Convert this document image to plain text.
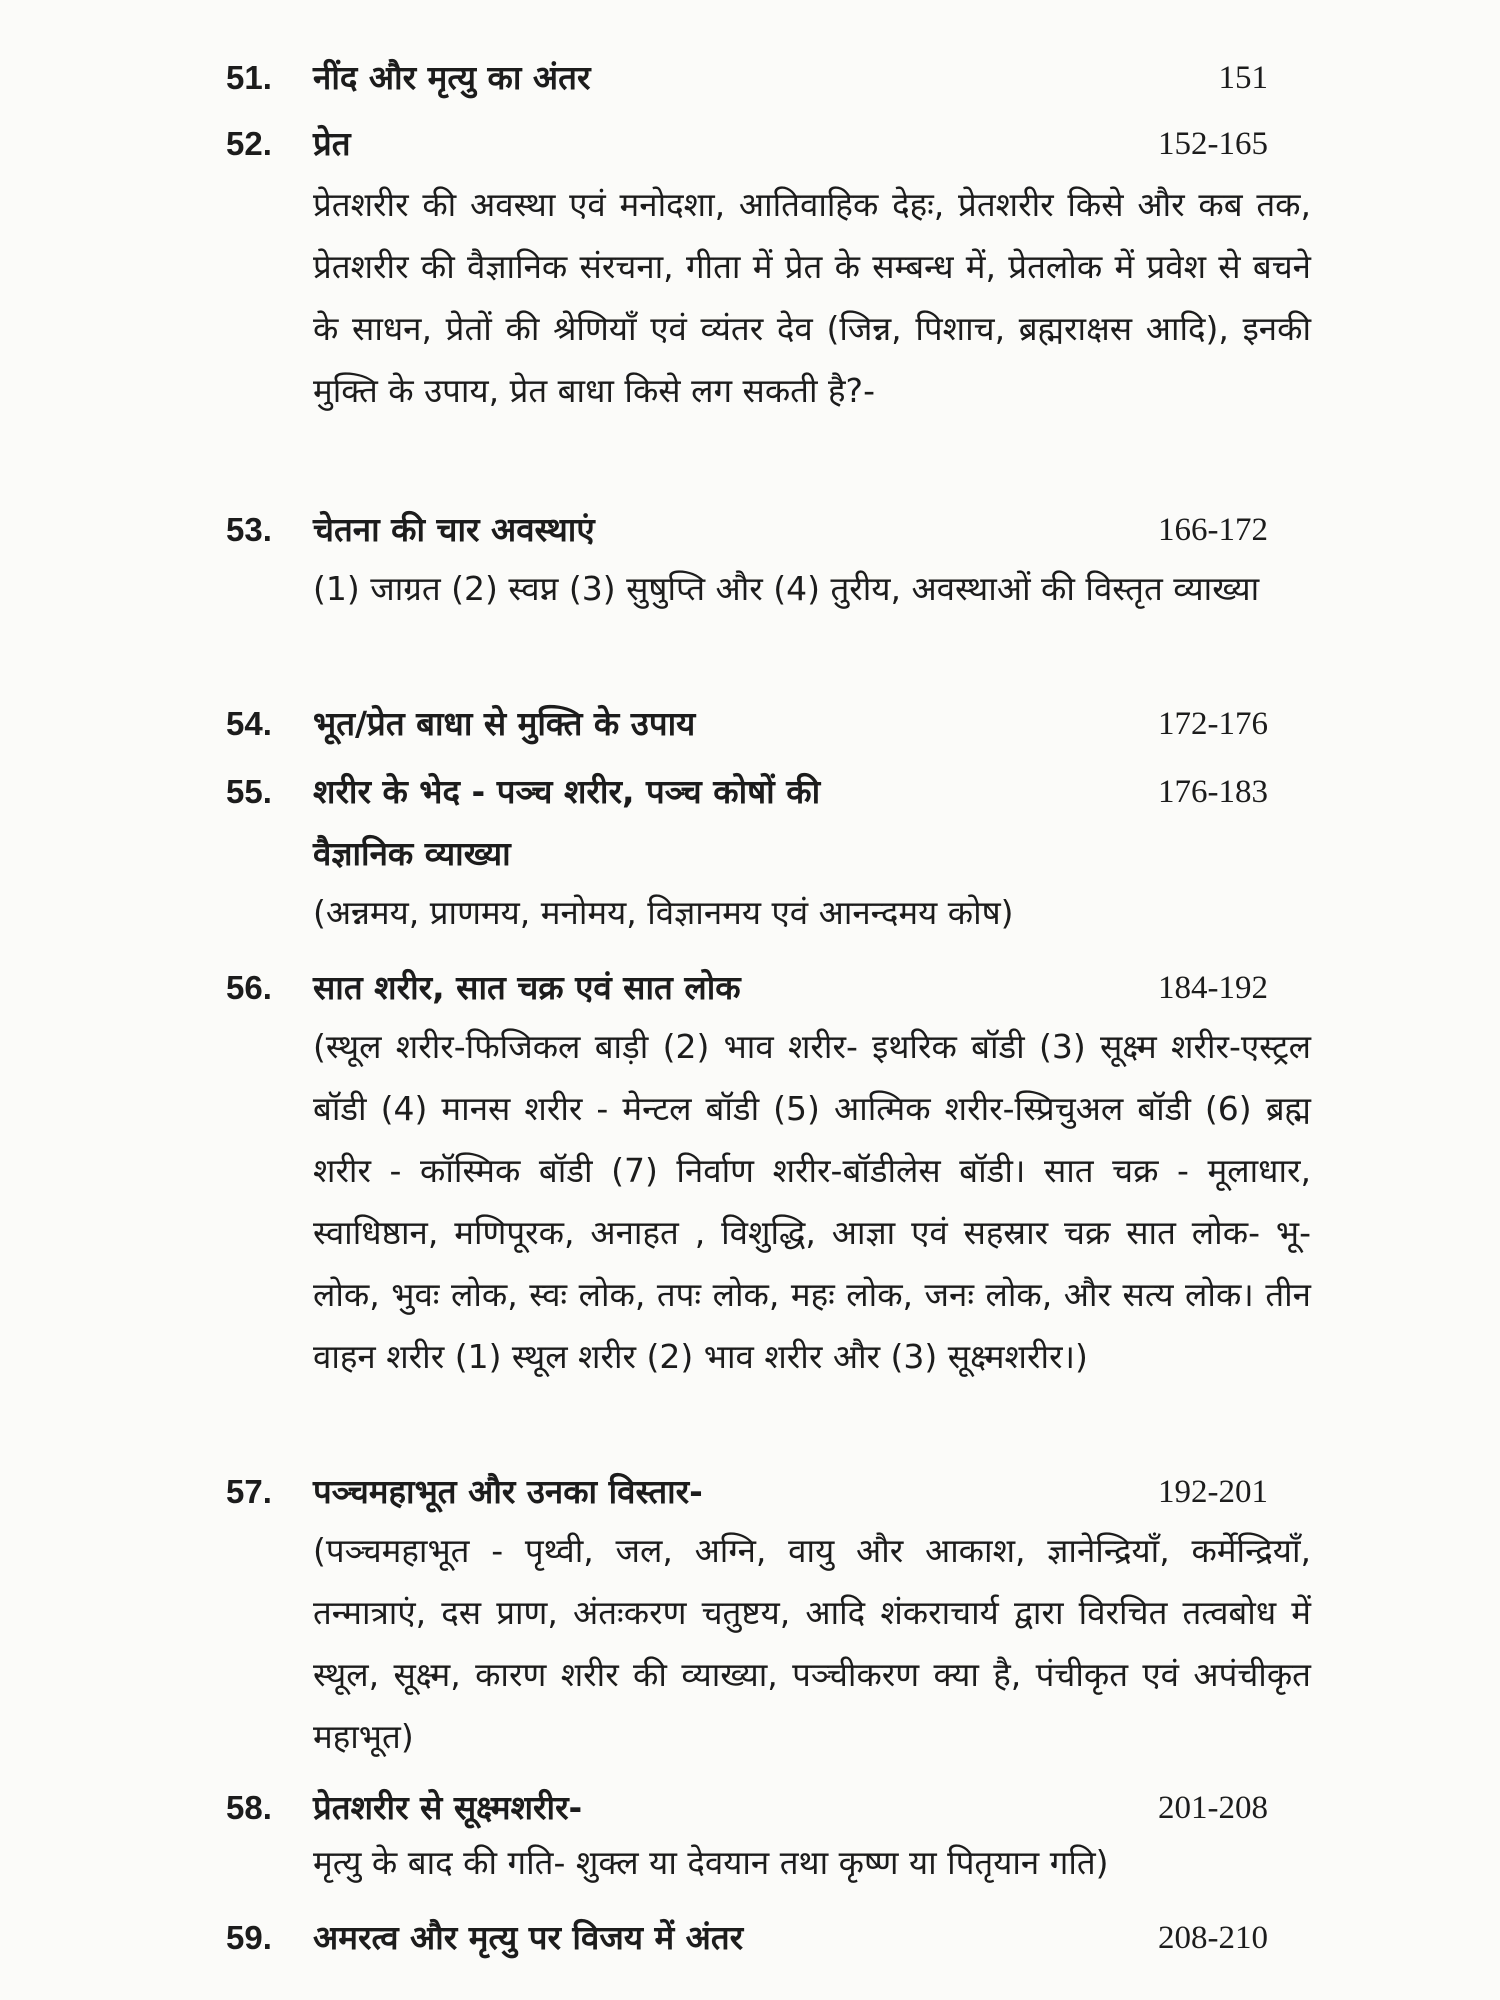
51. नींद और मृत्यु का अंतर	151
52. प्रेत	152-165
प्रेतशरीर की अवस्था एवं मनोदशा, आतिवाहिक देहः, प्रेतशरीर किसे और कब तक, प्रेतशरीर की वैज्ञानिक संरचना, गीता में प्रेत के सम्बन्ध में, प्रेतलोक में प्रवेश से बचने के साधन, प्रेतों की श्रेणियाँ एवं व्यंतर देव (जिन्न, पिशाच, ब्रह्मराक्षस आदि), इनकी मुक्ति के उपाय, प्रेत बाधा किसे लग सकती है?-
53. चेतना की चार अवस्थाएं	166-172
(1) जाग्रत (2) स्वप्न (3) सुषुप्ति और (4) तुरीय, अवस्थाओं की विस्तृत व्याख्या
54. भूत/प्रेत बाधा से मुक्ति के उपाय	172-176
55. शरीर के भेद - पञ्च शरीर, पञ्च कोषों की	176-183
वैज्ञानिक व्याख्या
(अन्नमय, प्राणमय, मनोमय, विज्ञानमय एवं आनन्दमय कोष)
56. सात शरीर, सात चक्र एवं सात लोक	184-192
(स्थूल शरीर-फिजिकल बाड़ी (2) भाव शरीर- इथरिक बॉडी (3) सूक्ष्म शरीर-एस्ट्रल बॉडी (4) मानस शरीर - मेन्टल बॉडी (5) आत्मिक शरीर-स्प्रिचुअल बॉडी (6) ब्रह्म शरीर - कॉस्मिक बॉडी (7) निर्वाण शरीर-बॉडीलेस बॉडी। सात चक्र - मूलाधार, स्वाधिष्ठान, मणिपूरक, अनाहत , विशुद्धि, आज्ञा एवं सहस्रार चक्र सात लोक- भू-लोक, भुवः लोक, स्वः लोक, तपः लोक, महः लोक, जनः लोक, और सत्य लोक। तीन वाहन शरीर (1) स्थूल शरीर (2) भाव शरीर और (3) सूक्ष्मशरीर।)
57. पञ्चमहाभूत और उनका विस्तार-	192-201
(पञ्चमहाभूत - पृथ्वी, जल, अग्नि, वायु और आकाश, ज्ञानेन्द्रियाँ, कर्मेन्द्रियाँ, तन्मात्राएं, दस प्राण, अंतःकरण चतुष्टय, आदि शंकराचार्य द्वारा विरचित तत्वबोध में स्थूल, सूक्ष्म, कारण शरीर की व्याख्या, पञ्चीकरण क्या है, पंचीकृत एवं अपंचीकृत महाभूत)
58. प्रेतशरीर से सूक्ष्मशरीर-	201-208
मृत्यु के बाद की गति- शुक्ल या देवयान तथा कृष्ण या पितृयान गति)
59. अमरत्व और मृत्यु पर विजय में अंतर	208-210
